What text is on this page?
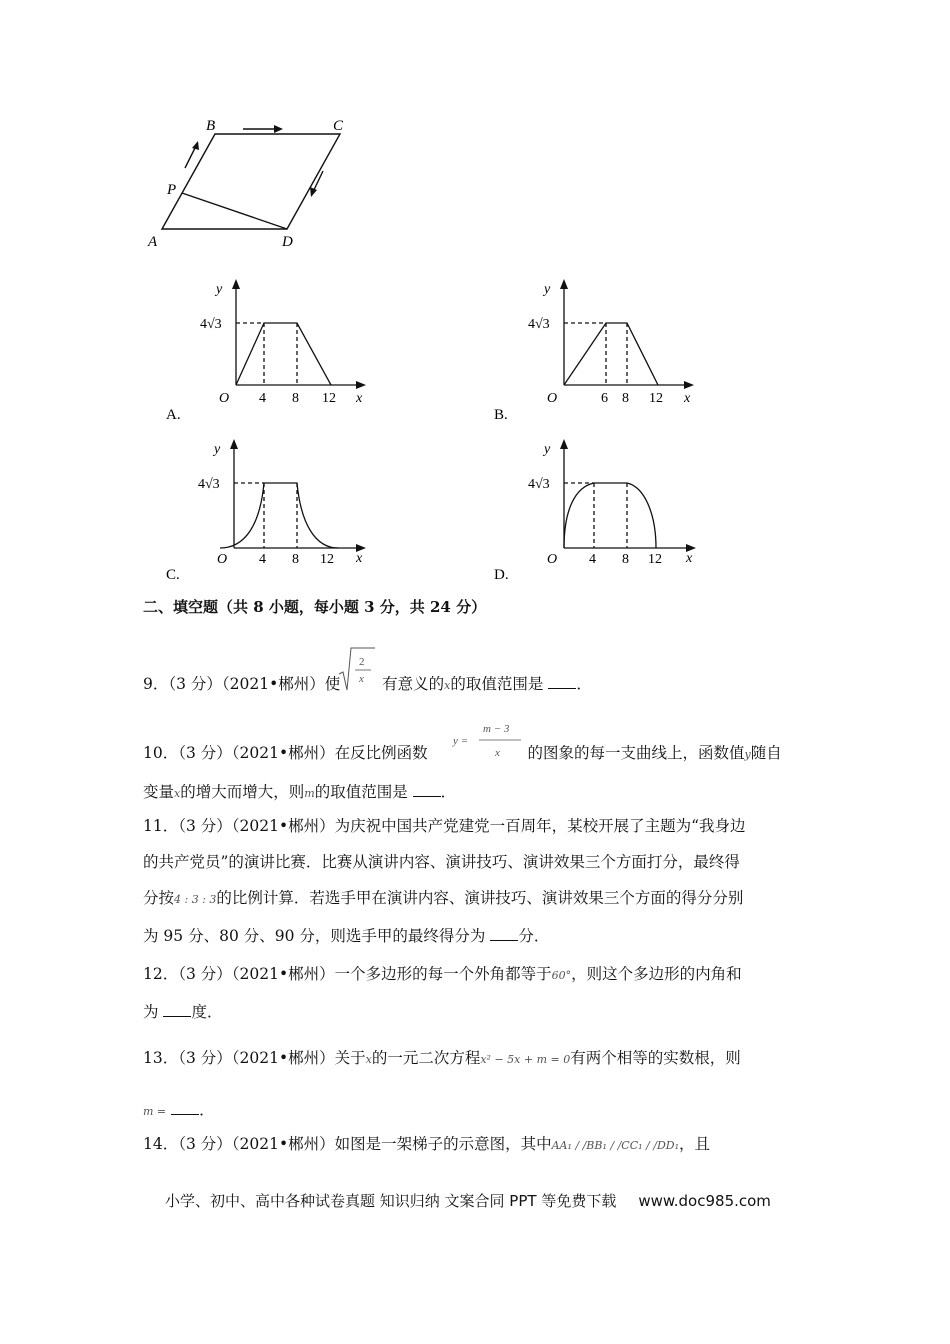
B	C
P
A	D
y
x
O
4√3
4 8 12
A.
y
x
O
4√3
6 8 12
B.
y
x
O
4√3
4 8 12
C.
y
x
O
4√3
4 8 12
D.
二、填空题（共 8 小题，每小题 3 分，共 24 分）
9．（3 分）（2021•郴州）使	有意义的x的取值范围是 ．
2
x
10．（3 分）（2021•郴州）在反比例函数	的图象的每一支曲线上，函数值y随自
y =
m − 3
x
变量x的增大而增大，则m的取值范围是 ．
11．（3 分）（2021•郴州）为庆祝中国共产党建党一百周年，某校开展了主题为“我身边
的共产党员”的演讲比赛．比赛从演讲内容、演讲技巧、演讲效果三个方面打分，最终得
分按4 : 3 : 3的比例计算．若选手甲在演讲内容、演讲技巧、演讲效果三个方面的得分分别
为 95 分、80 分、90 分，则选手甲的最终得分为 分．
12．（3 分）（2021•郴州）一个多边形的每一个外角都等于60°，则这个多边形的内角和
为 度．
13．（3 分）（2021•郴州）关于x的一元二次方程x² − 5x + m = 0有两个相等的实数根，则
m = ．
14．（3 分）（2021•郴州）如图是一架梯子的示意图，其中AA₁ / /BB₁ / /CC₁ / /DD₁，且
小学、初中、高中各种试卷真题 知识归纳 文案合同 PPT 等免费下载 www.doc985.com
